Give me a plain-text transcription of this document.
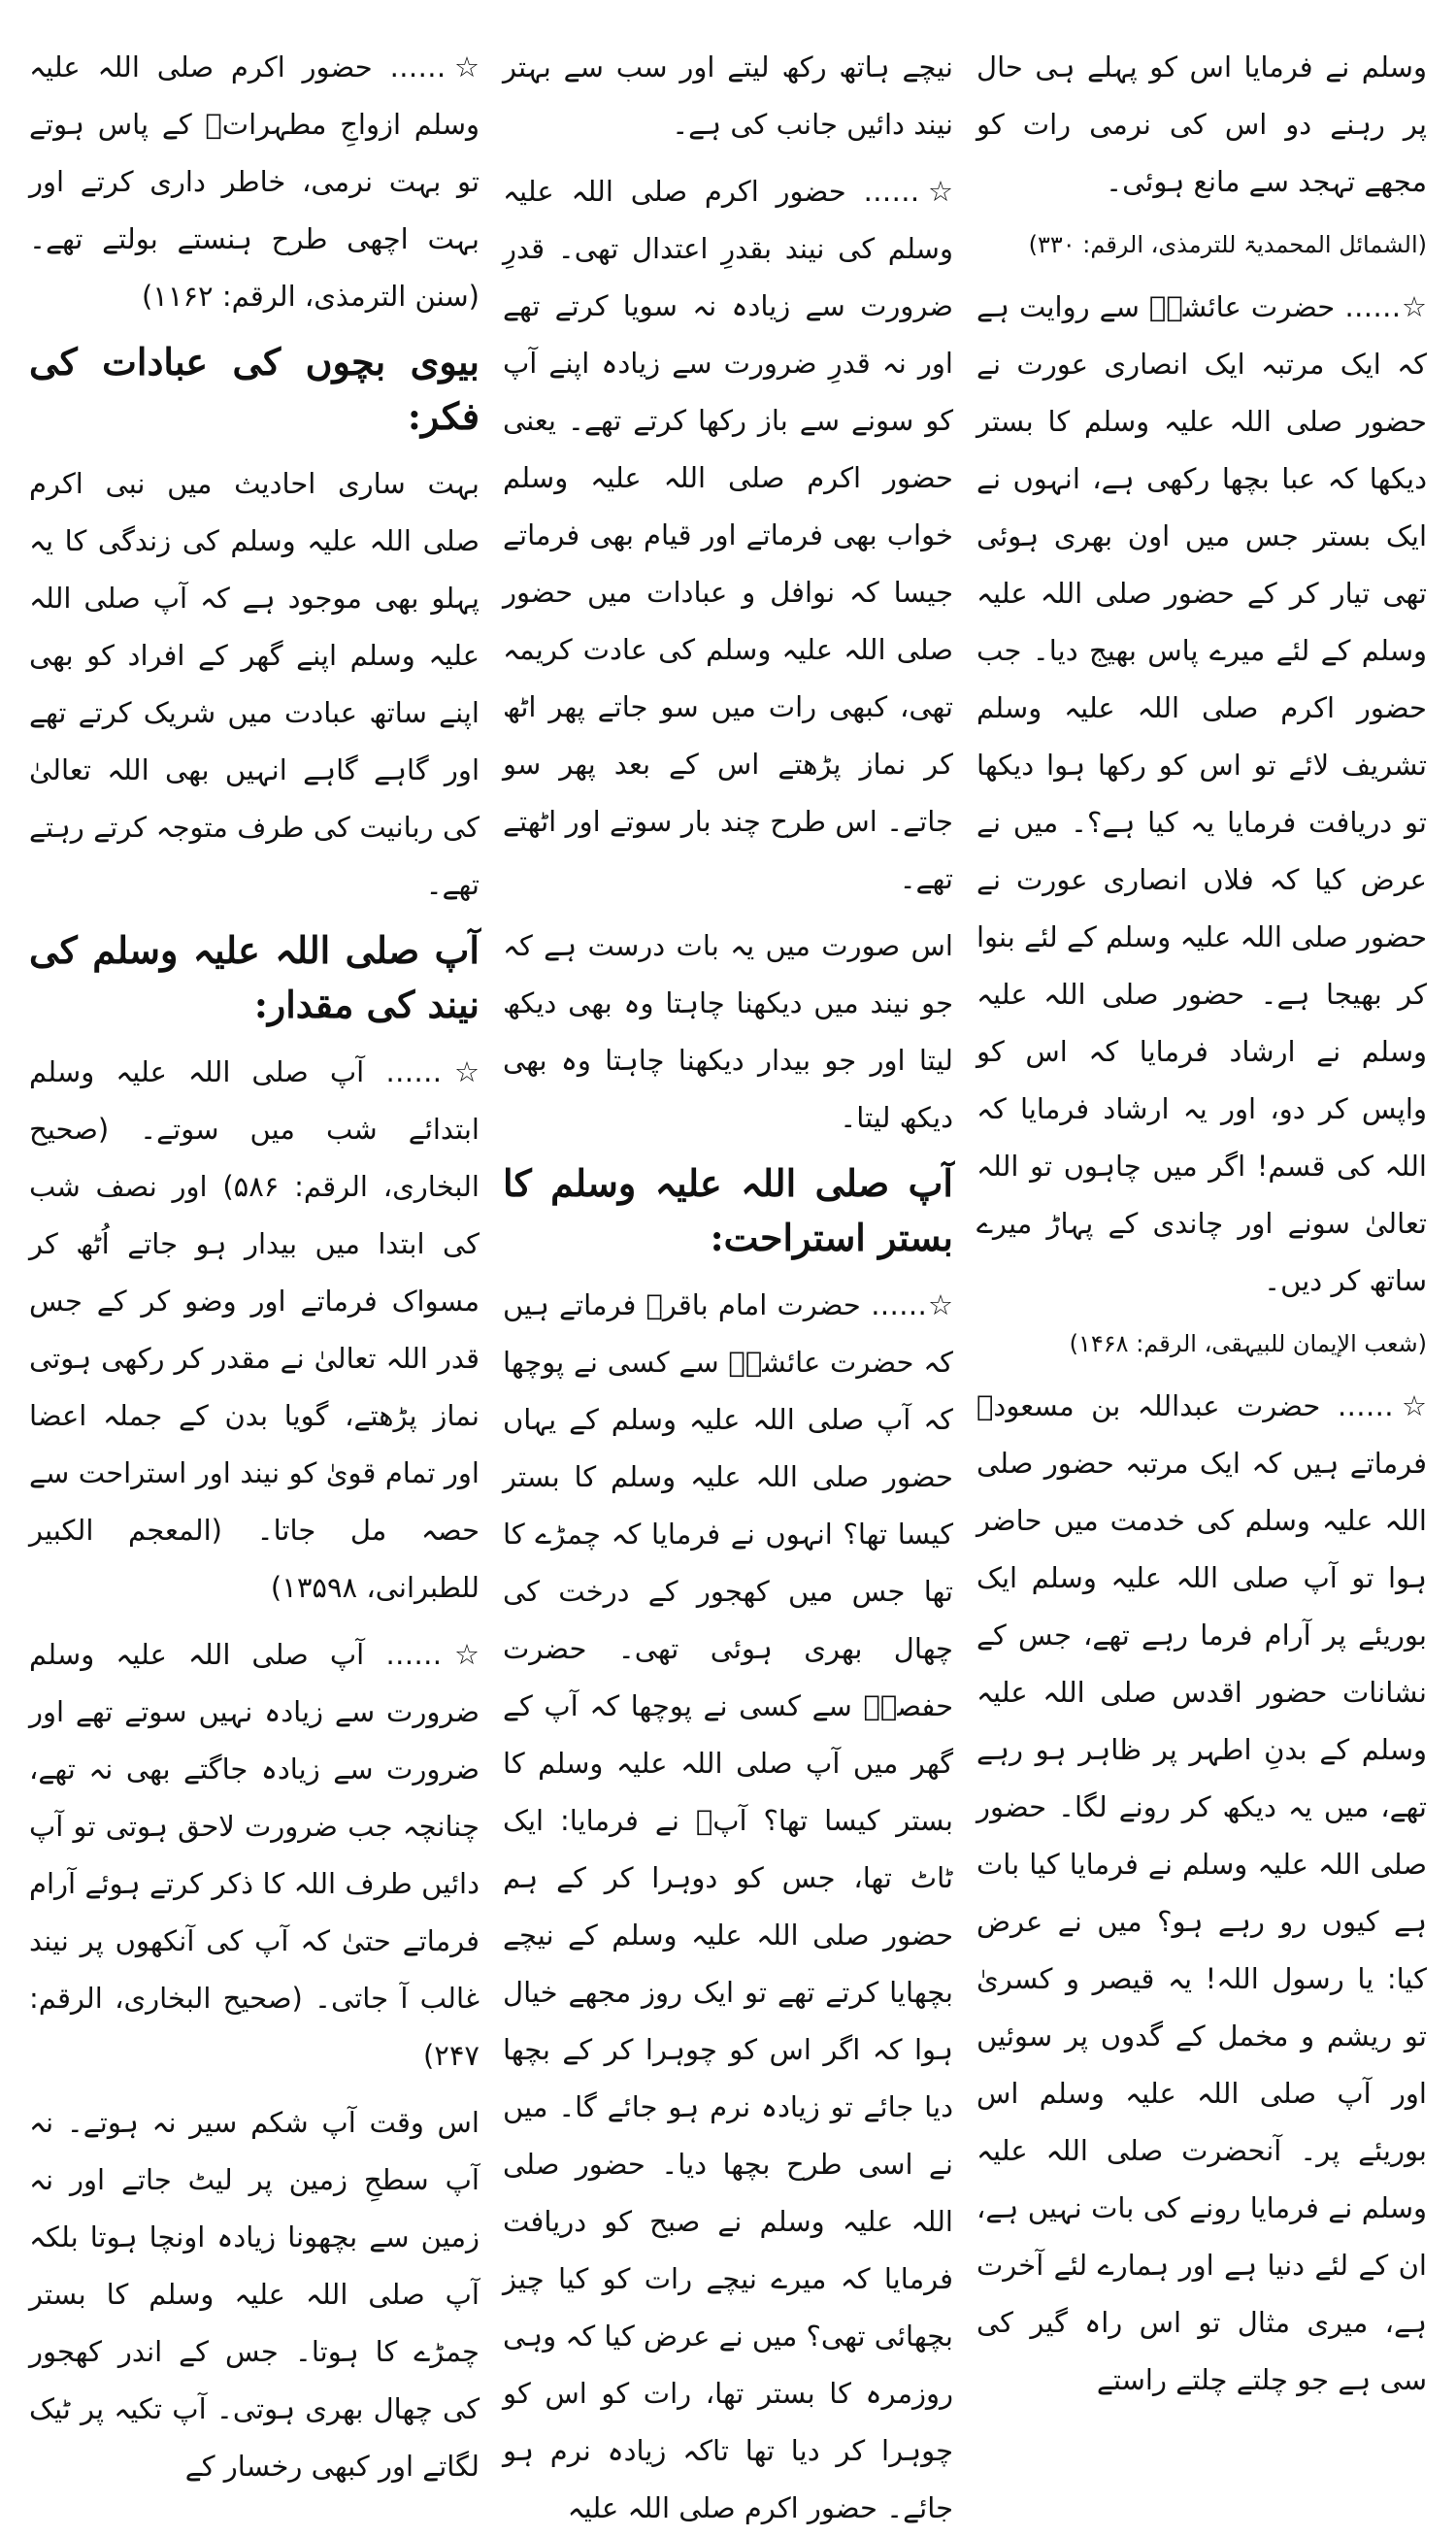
☆…… حضور اکرم صلی اللہ علیہ وسلم ازواجِ مطہراتؓ کے پاس ہوتے تو بہت نرمی، خاطر داری کرتے اور بہت اچھی طرح ہنستے بولتے تھے۔ (سنن الترمذی، الرقم: ۱۱۶۲)

بیوی بچوں کی عبادات کی فکر:

بہت ساری احادیث میں نبی اکرم صلی اللہ علیہ وسلم کی زندگی کا یہ پہلو بھی موجود ہے کہ آپ صلی اللہ علیہ وسلم اپنے گھر کے افراد کو بھی اپنے ساتھ عبادت میں شریک کرتے تھے اور گاہے گاہے انہیں بھی اللہ تعالیٰ کی ربانیت کی طرف متوجہ کرتے رہتے تھے۔

آپ صلی اللہ علیہ وسلم کی نیند کی مقدار:

☆…… آپ صلی اللہ علیہ وسلم ابتدائے شب میں سوتے۔ (صحیح البخاری، الرقم: ۵۸۶) اور نصف شب کی ابتدا میں بیدار ہو جاتے اُٹھ کر مسواک فرماتے اور وضو کر کے جس قدر اللہ تعالیٰ نے مقدر کر رکھی ہوتی نماز پڑھتے، گویا بدن کے جملہ اعضا اور تمام قویٰ کو نیند اور استراحت سے حصہ مل جاتا۔ (المعجم الکبیر للطبرانی، ۱۳۵۹۸)

☆…… آپ صلی اللہ علیہ وسلم ضرورت سے زیادہ نہیں سوتے تھے اور ضرورت سے زیادہ جاگتے بھی نہ تھے، چنانچہ جب ضرورت لاحق ہوتی تو آپ دائیں طرف اللہ کا ذکر کرتے ہوئے آرام فرماتے حتیٰ کہ آپ کی آنکھوں پر نیند غالب آ جاتی۔ (صحیح البخاری، الرقم: ۲۴۷)

اس وقت آپ شکم سیر نہ ہوتے۔ نہ آپ سطحِ زمین پر لیٹ جاتے اور نہ زمین سے بچھونا زیادہ اونچا ہوتا بلکہ آپ صلی اللہ علیہ وسلم کا بستر چمڑے کا ہوتا۔ جس کے اندر کھجور کی چھال بھری ہوتی۔ آپ تکیہ پر ٹیک لگاتے اور کبھی رخسار کے

نیچے ہاتھ رکھ لیتے اور سب سے بہتر نیند دائیں جانب کی ہے۔

☆…… حضور اکرم صلی اللہ علیہ وسلم کی نیند بقدرِ اعتدال تھی۔ قدرِ ضرورت سے زیادہ نہ سویا کرتے تھے اور نہ قدرِ ضرورت سے زیادہ اپنے آپ کو سونے سے باز رکھا کرتے تھے۔ یعنی حضور اکرم صلی اللہ علیہ وسلم خواب بھی فرماتے اور قیام بھی فرماتے جیسا کہ نوافل و عبادات میں حضور صلی اللہ علیہ وسلم کی عادت کریمہ تھی، کبھی رات میں سو جاتے پھر اٹھ کر نماز پڑھتے اس کے بعد پھر سو جاتے۔ اس طرح چند بار سوتے اور اٹھتے تھے۔

اس صورت میں یہ بات درست ہے کہ جو نیند میں دیکھنا چاہتا وہ بھی دیکھ لیتا اور جو بیدار دیکھنا چاہتا وہ بھی دیکھ لیتا۔

آپ صلی اللہ علیہ وسلم کا بستر استراحت:

☆…… حضرت امام باقرؒ فرماتے ہیں کہ حضرت عائشہؓ سے کسی نے پوچھا کہ آپ صلی اللہ علیہ وسلم کے یہاں حضور صلی اللہ علیہ وسلم کا بستر کیسا تھا؟ انہوں نے فرمایا کہ چمڑے کا تھا جس میں کھجور کے درخت کی چھال بھری ہوئی تھی۔ حضرت حفصہؓ سے کسی نے پوچھا کہ آپ کے گھر میں آپ صلی اللہ علیہ وسلم کا بستر کیسا تھا؟ آپؓ نے فرمایا: ایک ٹاٹ تھا، جس کو دوہرا کر کے ہم حضور صلی اللہ علیہ وسلم کے نیچے بچھایا کرتے تھے تو ایک روز مجھے خیال ہوا کہ اگر اس کو چوہرا کر کے بچھا دیا جائے تو زیادہ نرم ہو جائے گا۔ میں نے اسی طرح بچھا دیا۔ حضور صلی اللہ علیہ وسلم نے صبح کو دریافت فرمایا کہ میرے نیچے رات کو کیا چیز بچھائی تھی؟ میں نے عرض کیا کہ وہی روزمرہ کا بستر تھا، رات کو اس کو چوہرا کر دیا تھا تاکہ زیادہ نرم ہو جائے۔ حضور اکرم صلی اللہ علیہ

وسلم نے فرمایا اس کو پہلے ہی حال پر رہنے دو اس کی نرمی رات کو مجھے تہجد سے مانع ہوئی۔

(الشمائل المحمدیۃ للترمذی، الرقم: ۳۳۰)

☆…… حضرت عائشہؓ سے روایت ہے کہ ایک مرتبہ ایک انصاری عورت نے حضور صلی اللہ علیہ وسلم کا بستر دیکھا کہ عبا بچھا رکھی ہے، انہوں نے ایک بستر جس میں اون بھری ہوئی تھی تیار کر کے حضور صلی اللہ علیہ وسلم کے لئے میرے پاس بھیج دیا۔ جب حضور اکرم صلی اللہ علیہ وسلم تشریف لائے تو اس کو رکھا ہوا دیکھا تو دریافت فرمایا یہ کیا ہے؟۔ میں نے عرض کیا کہ فلاں انصاری عورت نے حضور صلی اللہ علیہ وسلم کے لئے بنوا کر بھیجا ہے۔ حضور صلی اللہ علیہ وسلم نے ارشاد فرمایا کہ اس کو واپس کر دو، اور یہ ارشاد فرمایا کہ اللہ کی قسم! اگر میں چاہوں تو اللہ تعالیٰ سونے اور چاندی کے پہاڑ میرے ساتھ کر دیں۔

(شعب الإیمان للبیہقی، الرقم: ۱۴۶۸)

☆…… حضرت عبداللہ بن مسعودؓ فرماتے ہیں کہ ایک مرتبہ حضور صلی اللہ علیہ وسلم کی خدمت میں حاضر ہوا تو آپ صلی اللہ علیہ وسلم ایک بوریئے پر آرام فرما رہے تھے، جس کے نشانات حضور اقدس صلی اللہ علیہ وسلم کے بدنِ اطہر پر ظاہر ہو رہے تھے، میں یہ دیکھ کر رونے لگا۔ حضور صلی اللہ علیہ وسلم نے فرمایا کیا بات ہے کیوں رو رہے ہو؟ میں نے عرض کیا: یا رسول اللہ! یہ قیصر و کسریٰ تو ریشم و مخمل کے گدوں پر سوئیں اور آپ صلی اللہ علیہ وسلم اس بوریئے پر۔ آنحضرت صلی اللہ علیہ وسلم نے فرمایا رونے کی بات نہیں ہے، ان کے لئے دنیا ہے اور ہمارے لئے آخرت ہے، میری مثال تو اس راہ گیر کی سی ہے جو چلتے چلتے راستے
